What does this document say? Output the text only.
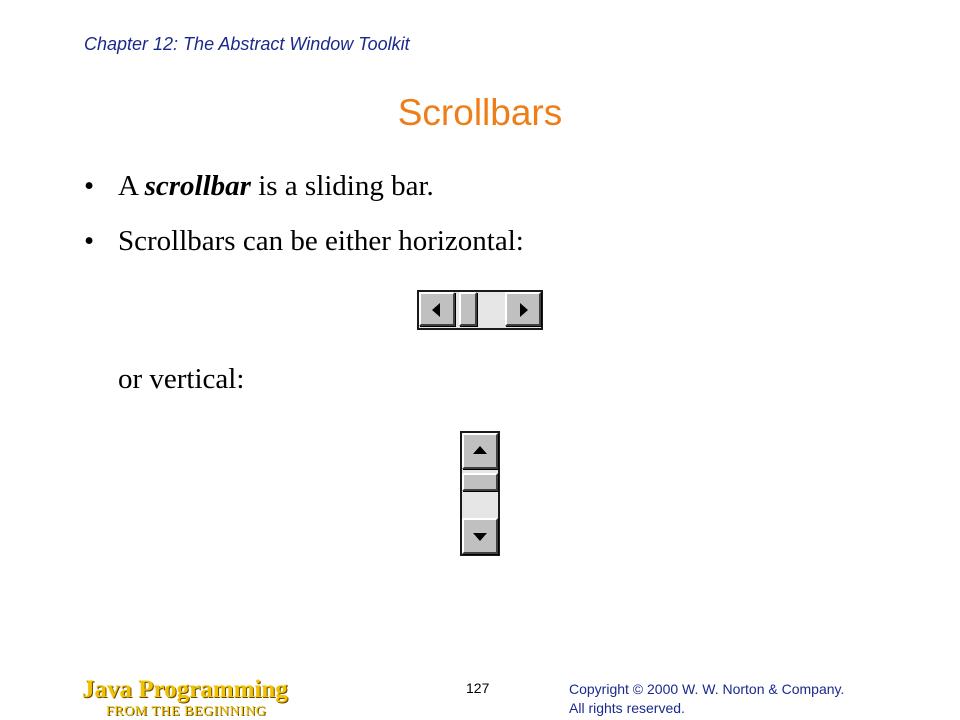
Chapter 12: The Abstract Window Toolkit
Scrollbars
• A scrollbar is a sliding bar.
• Scrollbars can be either horizontal:
or vertical:
Java Programming
FROM THE BEGINNING
127	Copyright © 2000 W. W. Norton & Company.
All rights reserved.
